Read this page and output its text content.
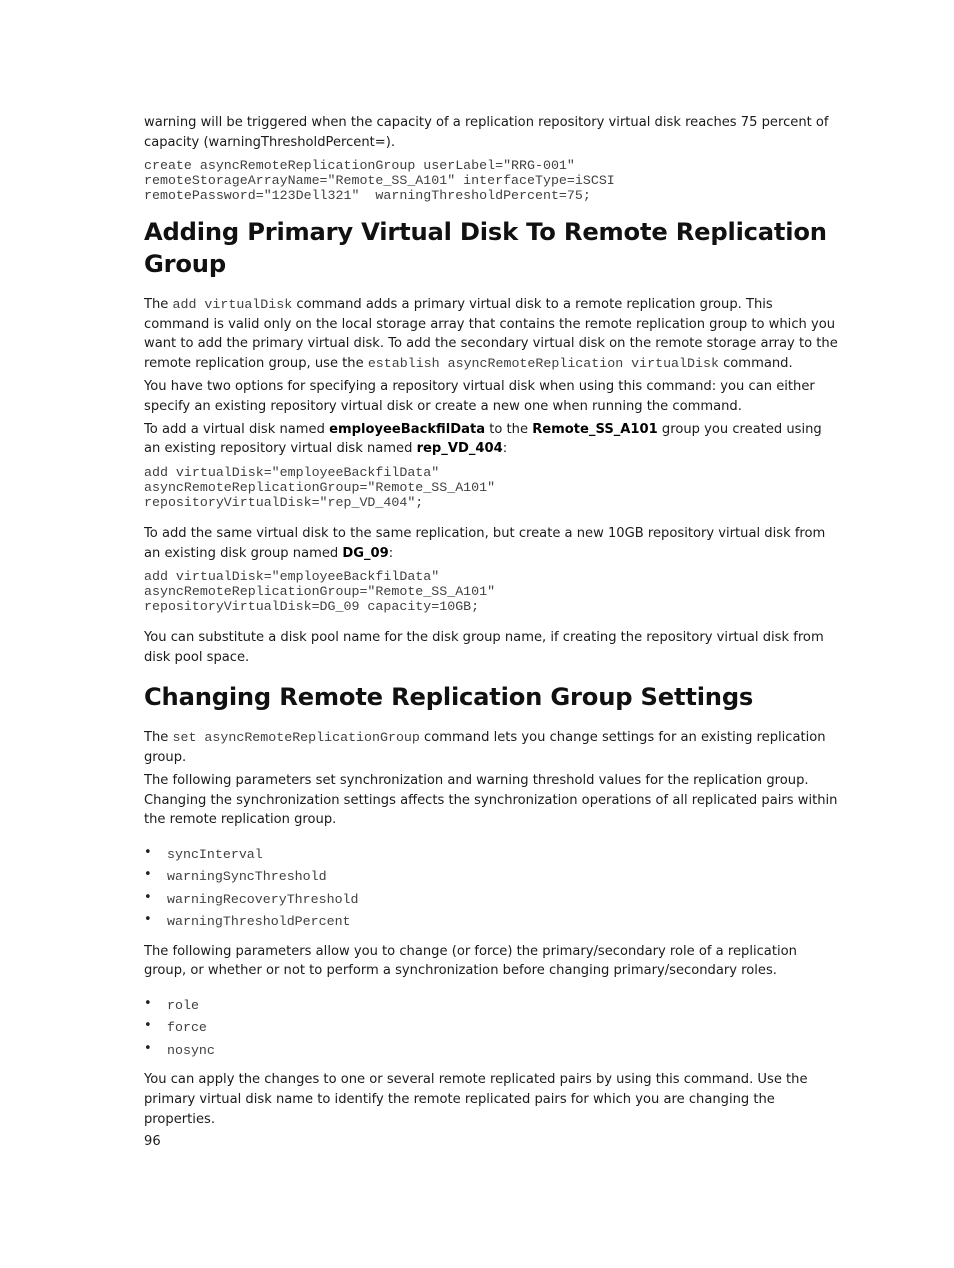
warning will be triggered when the capacity of a replication repository virtual disk reaches 75 percent of capacity (warningThresholdPercent=).

create asyncRemoteReplicationGroup userLabel="RRG-001"
remoteStorageArrayName="Remote_SS_A101" interfaceType=iSCSI
remotePassword="123Dell321"  warningThresholdPercent=75;
Adding Primary Virtual Disk To Remote Replication Group

The add virtualDisk command adds a primary virtual disk to a remote replication group. This command is valid only on the local storage array that contains the remote replication group to which you want to add the primary virtual disk. To add the secondary virtual disk on the remote storage array to the remote replication group, use the establish asyncRemoteReplication virtualDisk command.

You have two options for specifying a repository virtual disk when using this command: you can either specify an existing repository virtual disk or create a new one when running the command.

To add a virtual disk named employeeBackfilData to the Remote_SS_A101 group you created using an existing repository virtual disk named rep_VD_404:

add virtualDisk="employeeBackfilData"
asyncRemoteReplicationGroup="Remote_SS_A101"
repositoryVirtualDisk="rep_VD_404";

To add the same virtual disk to the same replication, but create a new 10GB repository virtual disk from an existing disk group named DG_09:

add virtualDisk="employeeBackfilData"
asyncRemoteReplicationGroup="Remote_SS_A101"
repositoryVirtualDisk=DG_09 capacity=10GB;

You can substitute a disk pool name for the disk group name, if creating the repository virtual disk from disk pool space.

Changing Remote Replication Group Settings

The set asyncRemoteReplicationGroup command lets you change settings for an existing replication group.

The following parameters set synchronization and warning threshold values for the replication group. Changing the synchronization settings affects the synchronization operations of all replicated pairs within the remote replication group.

• syncInterval
• warningSyncThreshold
• warningRecoveryThreshold
• warningThresholdPercent

The following parameters allow you to change (or force) the primary/secondary role of a replication group, or whether or not to perform a synchronization before changing primary/secondary roles.

• role
• force
• nosync

You can apply the changes to one or several remote replicated pairs by using this command. Use the primary virtual disk name to identify the remote replicated pairs for which you are changing the properties.

96
